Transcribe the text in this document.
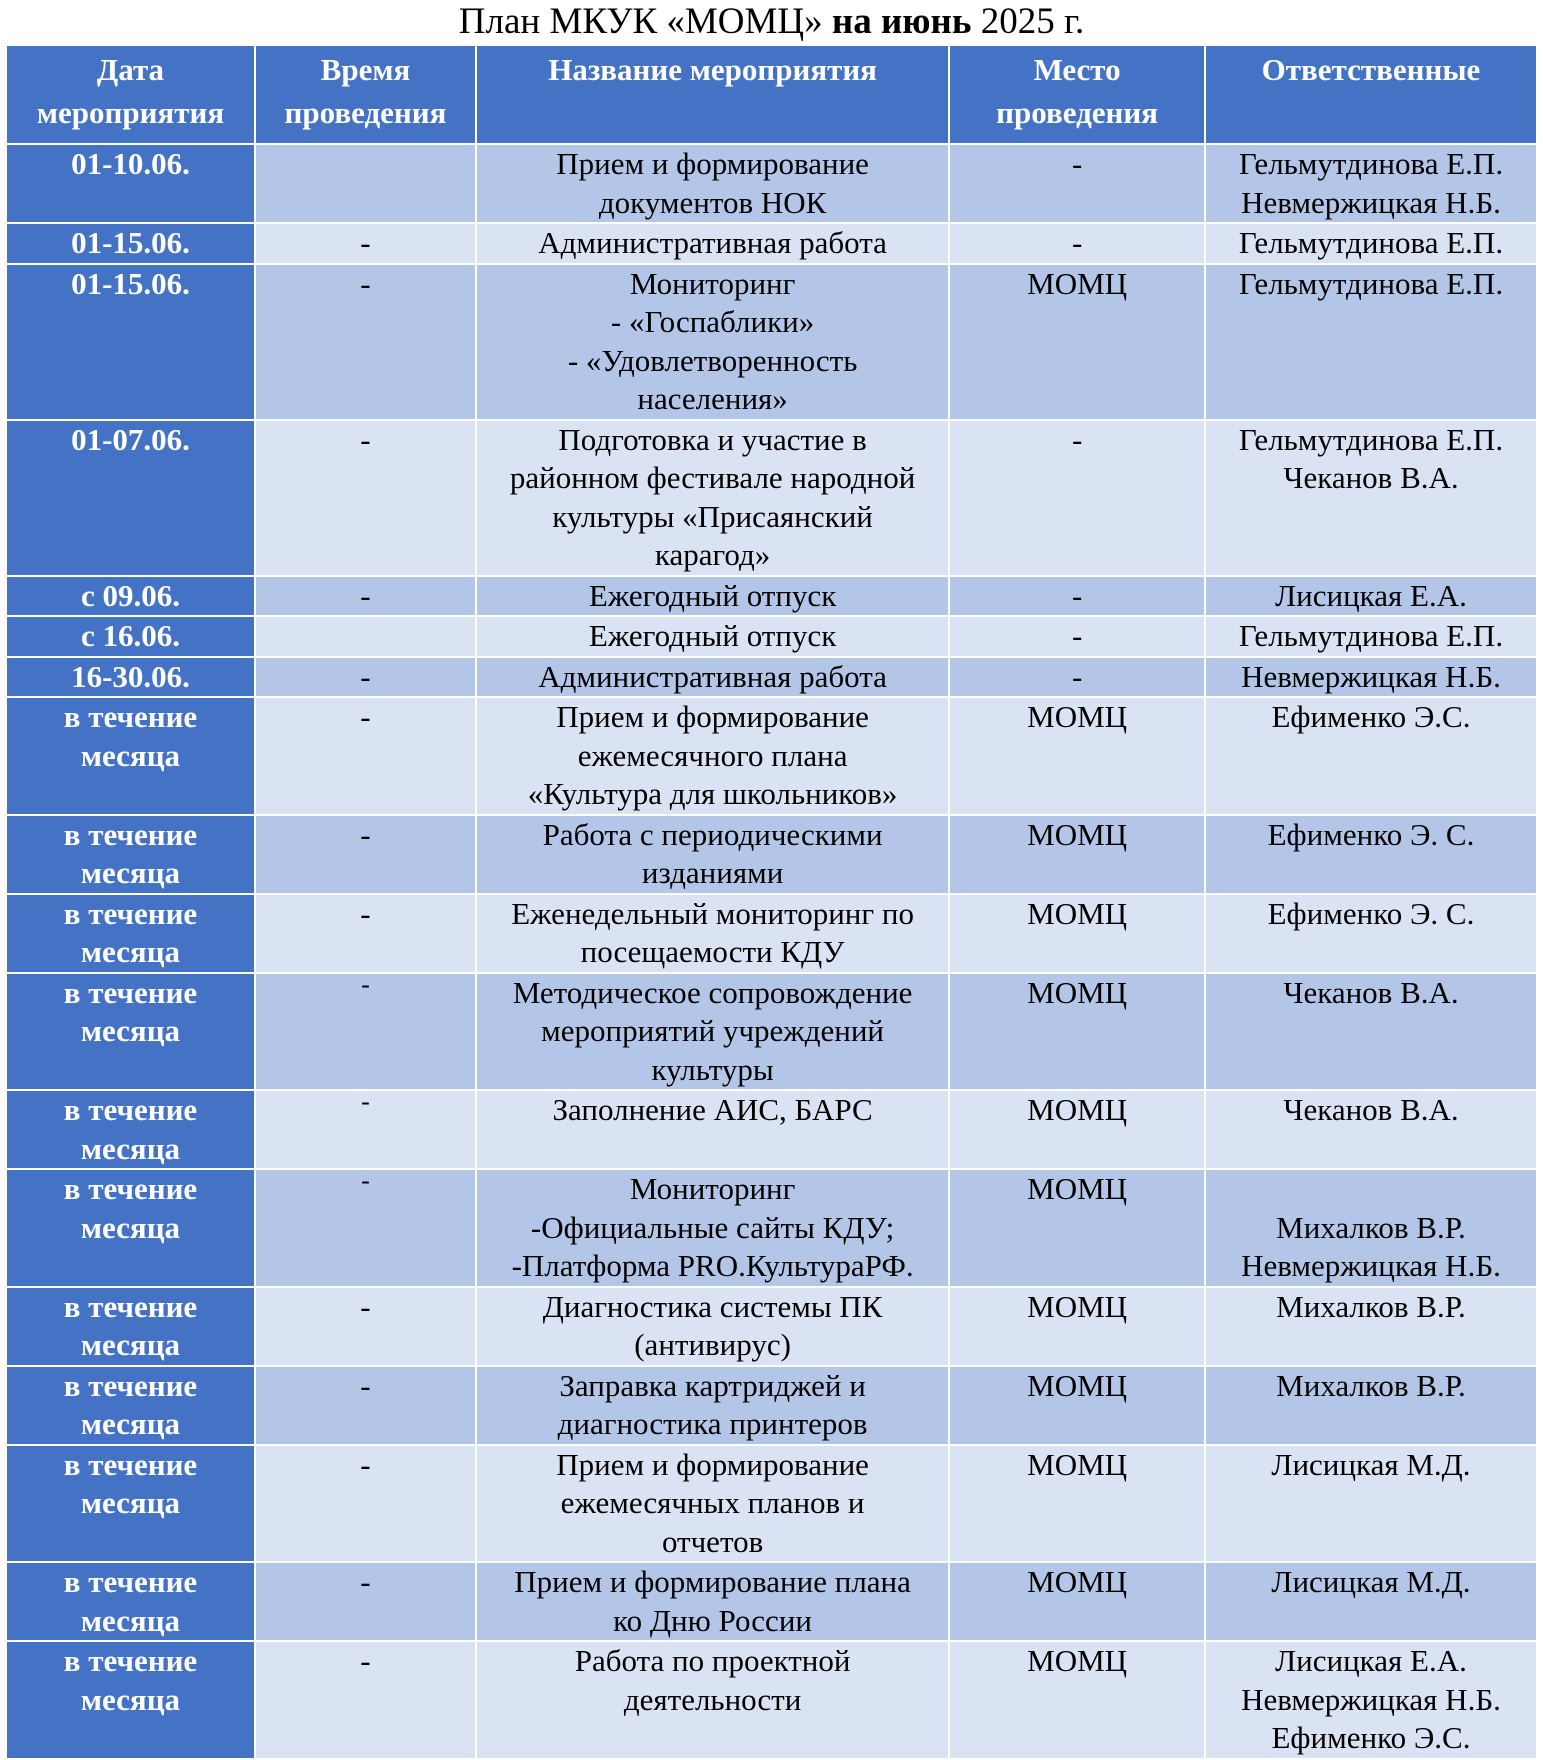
План МКУК «МОМЦ» на июнь 2025 г.
Дата
мероприятия	Время
проведения	Название мероприятия	Место
проведения	Ответственные

01-10.06.		Прием и формирование
документов НОК	-	Гельмутдинова Е.П.
Невмержицкая Н.Б.

01-15.06.	-	Административная работа	-	Гельмутдинова Е.П.

01-15.06.	-	Мониторинг
- «Госпаблики»
- «Удовлетворенность
населения»	МОМЦ	Гельмутдинова Е.П.

01-07.06.	-	Подготовка и участие в
районном фестивале народной
культуры «Присаянский
карагод»	-	Гельмутдинова Е.П.
Чеканов В.А.

с 09.06.	-	Ежегодный отпуск	-	Лисицкая Е.А.

с 16.06.		Ежегодный отпуск	-	Гельмутдинова Е.П.

16-30.06.	-	Административная работа	-	Невмержицкая Н.Б.

в течение
месяца	-	Прием и формирование
ежемесячного плана
«Культура для школьников»	МОМЦ	Ефименко Э.С.

в течение
месяца	-	Работа с периодическими
изданиями	МОМЦ	Ефименко Э. С.

в течение
месяца	-	Еженедельный мониторинг по
посещаемости КДУ	МОМЦ	Ефименко Э. С.

в течение
месяца	-	Методическое сопровождение
мероприятий учреждений
культуры	МОМЦ	Чеканов В.А.

в течение
месяца	-	Заполнение АИС, БАРС	МОМЦ	Чеканов В.А.

в течение
месяца	-	Мониторинг
-Официальные сайты КДУ;
-Платформа PRO.КультураРФ.	МОМЦ	Михалков В.Р.
Невмержицкая Н.Б.

в течение
месяца	-	Диагностика системы ПК
(антивирус)	МОМЦ	Михалков В.Р.

в течение
месяца	-	Заправка картриджей и
диагностика принтеров	МОМЦ	Михалков В.Р.

в течение
месяца	-	Прием и формирование
ежемесячных планов и
отчетов	МОМЦ	Лисицкая М.Д.

в течение
месяца	-	Прием и формирование плана
ко Дню России	МОМЦ	Лисицкая М.Д.

в течение
месяца	-	Работа по проектной
деятельности	МОМЦ	Лисицкая Е.А.
Невмержицкая Н.Б.
Ефименко Э.С.
